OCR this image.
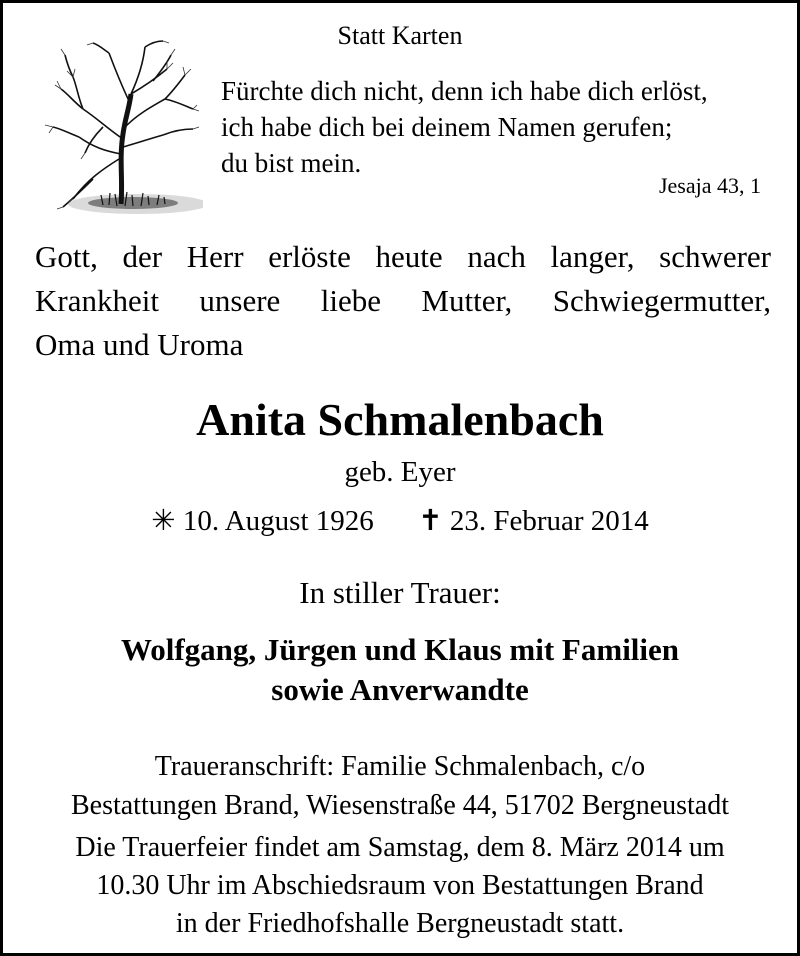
Statt Karten
Fürchte dich nicht, denn ich habe dich erlöst,
ich habe dich bei deinem Namen gerufen;
du bist mein.
Jesaja 43, 1
Gott, der Herr erlöste heute nach langer, schwerer
Krankheit unsere liebe Mutter, Schwiegermutter,
Oma und Uroma
Anita Schmalenbach
geb. Eyer
✳ 10. August 1926 ✝ 23. Februar 2014
In stiller Trauer:
Wolfgang, Jürgen und Klaus mit Familien
sowie Anverwandte
Traueranschrift: Familie Schmalenbach, c/o
Bestattungen Brand, Wiesenstraße 44, 51702 Bergneustadt
Die Trauerfeier findet am Samstag, dem 8. März 2014 um
10.30 Uhr im Abschiedsraum von Bestattungen Brand
in der Friedhofshalle Bergneustadt statt.
